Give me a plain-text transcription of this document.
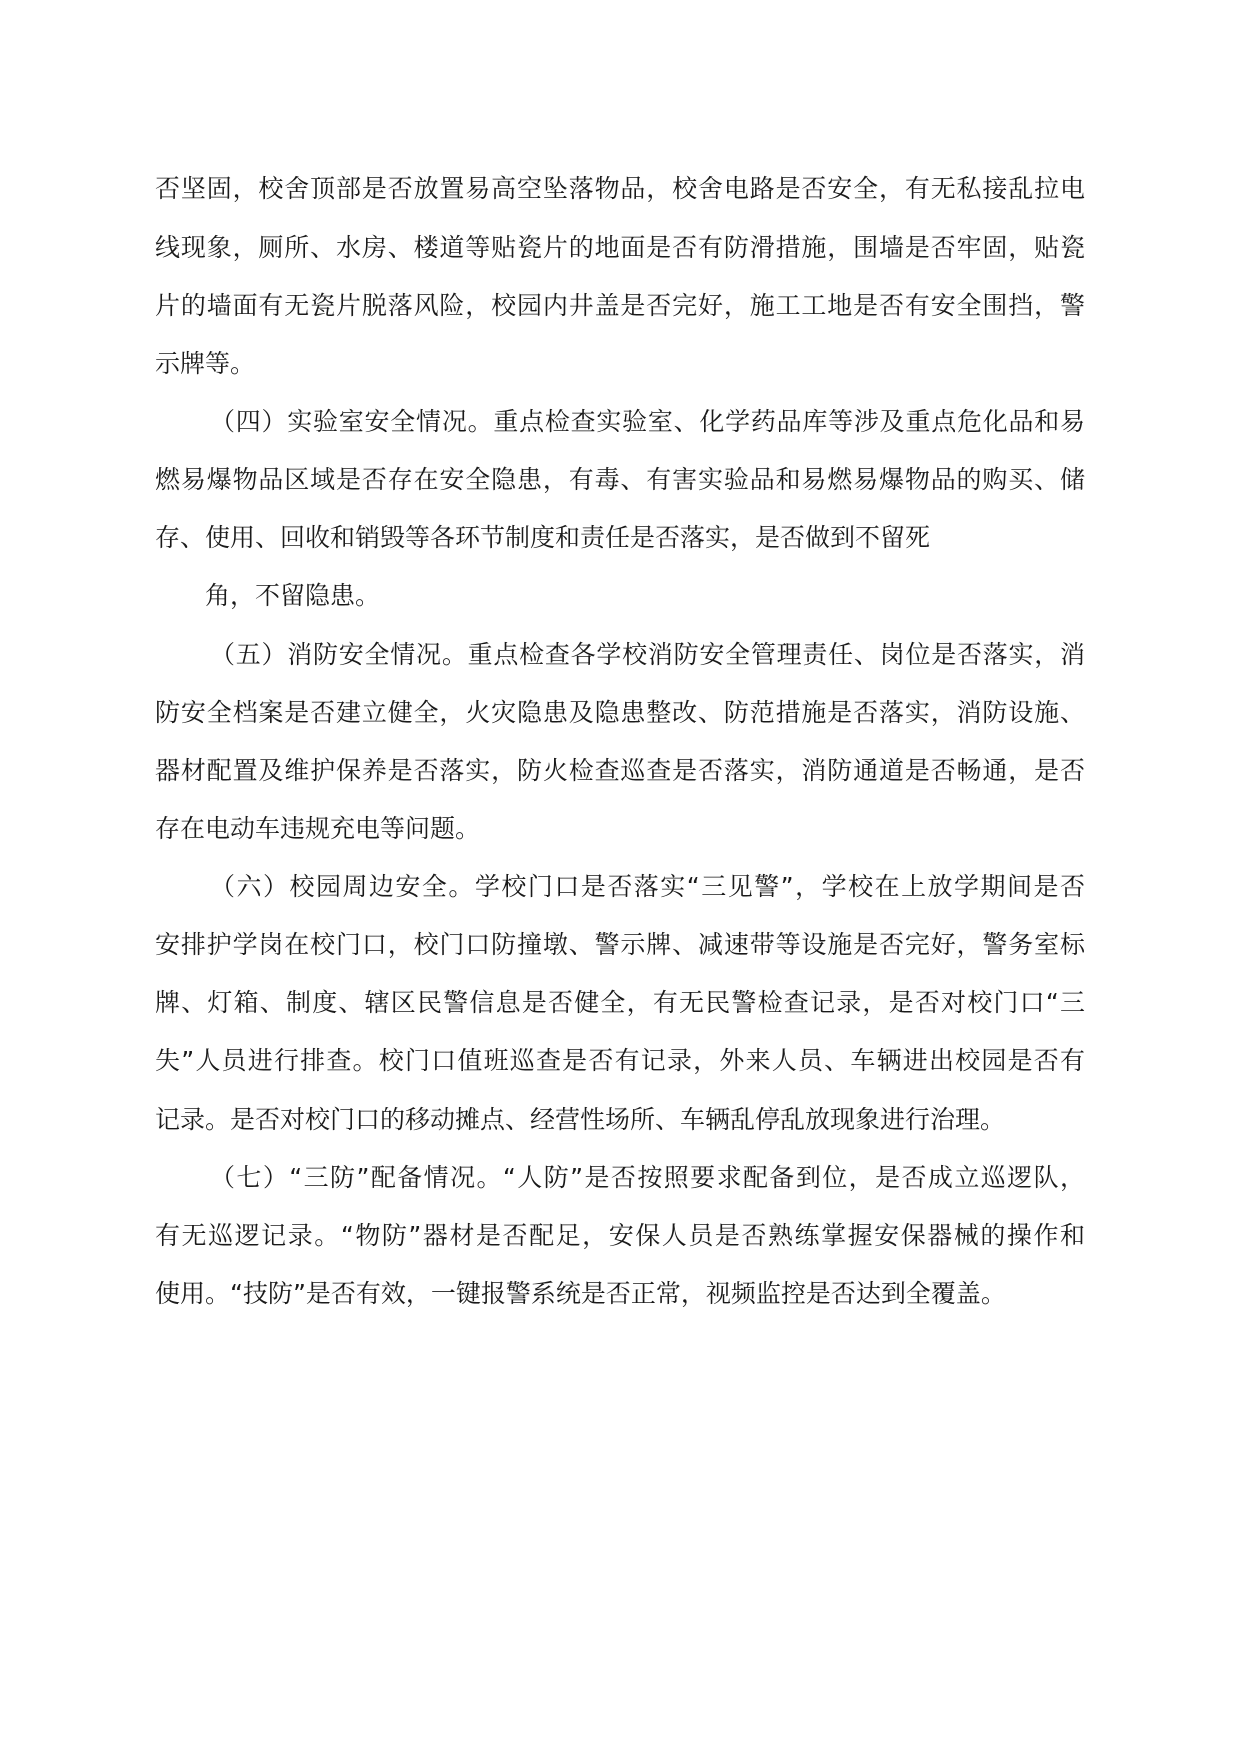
否坚固，校舍顶部是否放置易高空坠落物品，校舍电路是否安全，有无私接乱拉电
线现象，厕所、水房、楼道等贴瓷片的地面是否有防滑措施，围墙是否牢固，贴瓷
片的墙面有无瓷片脱落风险，校园内井盖是否完好，施工工地是否有安全围挡，警
示牌等。
（四）实验室安全情况。重点检查实验室、化学药品库等涉及重点危化品和易
燃易爆物品区域是否存在安全隐患，有毒、有害实验品和易燃易爆物品的购买、储
存、使用、回收和销毁等各环节制度和责任是否落实，是否做到不留死
角，不留隐患。
（五）消防安全情况。重点检查各学校消防安全管理责任、岗位是否落实，消
防安全档案是否建立健全，火灾隐患及隐患整改、防范措施是否落实，消防设施、
器材配置及维护保养是否落实，防火检查巡查是否落实，消防通道是否畅通，是否
存在电动车违规充电等问题。
（六）校园周边安全。学校门口是否落实“三见警”，学校在上放学期间是否
安排护学岗在校门口，校门口防撞墩、警示牌、减速带等设施是否完好，警务室标
牌、灯箱、制度、辖区民警信息是否健全，有无民警检查记录，是否对校门口“三
失”人员进行排查。校门口值班巡查是否有记录，外来人员、车辆进出校园是否有
记录。是否对校门口的移动摊点、经营性场所、车辆乱停乱放现象进行治理。
（七）“三防”配备情况。“人防”是否按照要求配备到位，是否成立巡逻队，
有无巡逻记录。“物防”器材是否配足，安保人员是否熟练掌握安保器械的操作和
使用。“技防”是否有效，一键报警系统是否正常，视频监控是否达到全覆盖。
